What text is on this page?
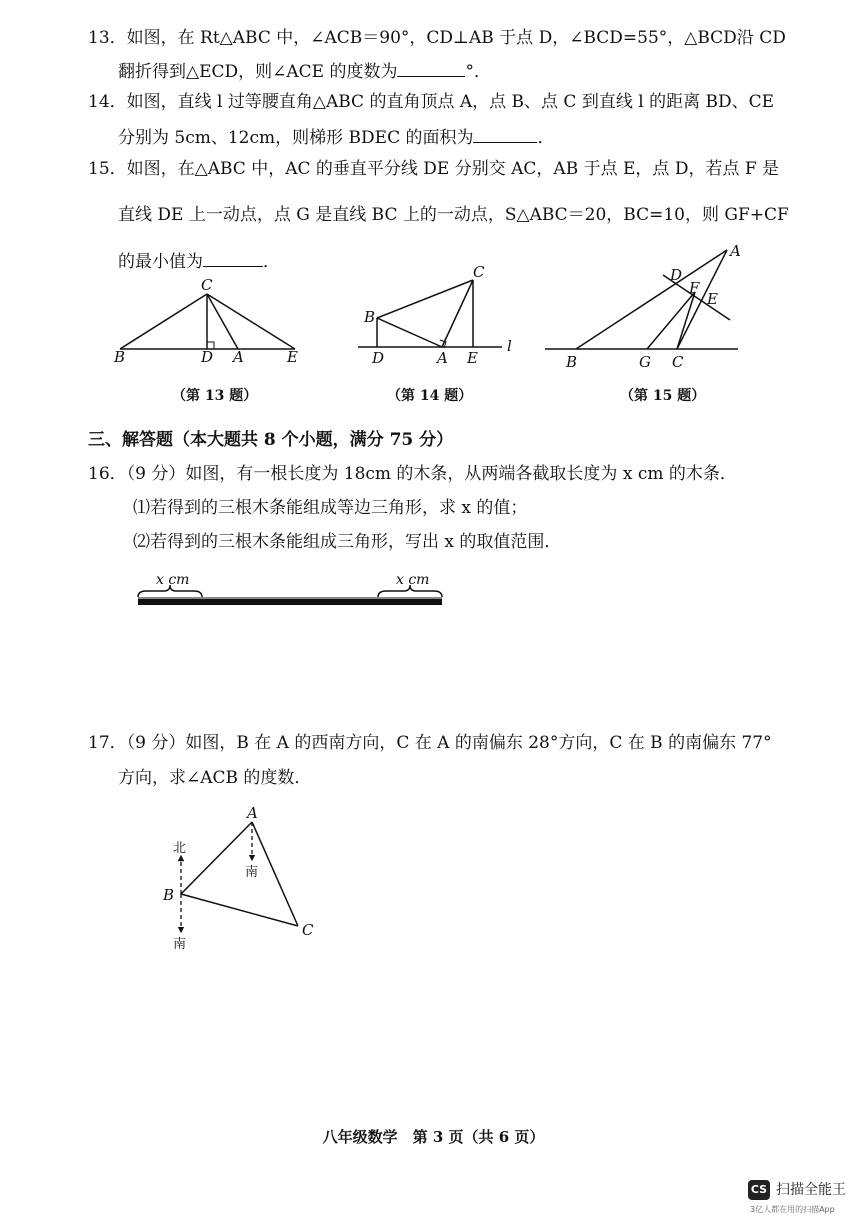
13．如图，在 Rt△ABC 中，∠ACB＝90°，CD⊥AB 于点 D，∠BCD=55°，△BCD沿 CD
翻折得到△ECD，则∠ACE 的度数为	°．
14．如图，直线 l 过等腰直角△ABC 的直角顶点 A，点 B、点 C 到直线 l 的距离 BD、CE
分别为 5cm、12cm，则梯形 BDEC 的面积为	．
15．如图，在△ABC 中，AC 的垂直平分线 DE 分别交 AC，AB 于点 E，点 D，若点 F 是
直线 DE 上一动点，点 G 是直线 BC 上的一动点，S△ABC＝20，BC=10，则 GF+CF
的最小值为	．
C
B	D A	E
C
B
D	A E
l
A
D
F
E
B	G C
（第 13 题）	（第 14 题）	（第 15 题）
三、解答题（本大题共 8 个小题，满分 75 分）
16．（9 分）如图，有一根长度为 18cm 的木条，从两端各截取长度为 x cm 的木条．
⑴若得到的三根木条能组成等边三角形，求 x 的值；
⑵若得到的三根木条能组成三角形，写出 x 的取值范围．
x cm	x cm
17．（9 分）如图，B 在 A 的西南方向，C 在 A 的南偏东 28°方向，C 在 B 的南偏东 77°
方向，求∠ACB 的度数．
A
B
C
北
南
南
八年级数学　第 3 页（共 6 页）
CS 扫描全能王
3亿人都在用的扫描App
